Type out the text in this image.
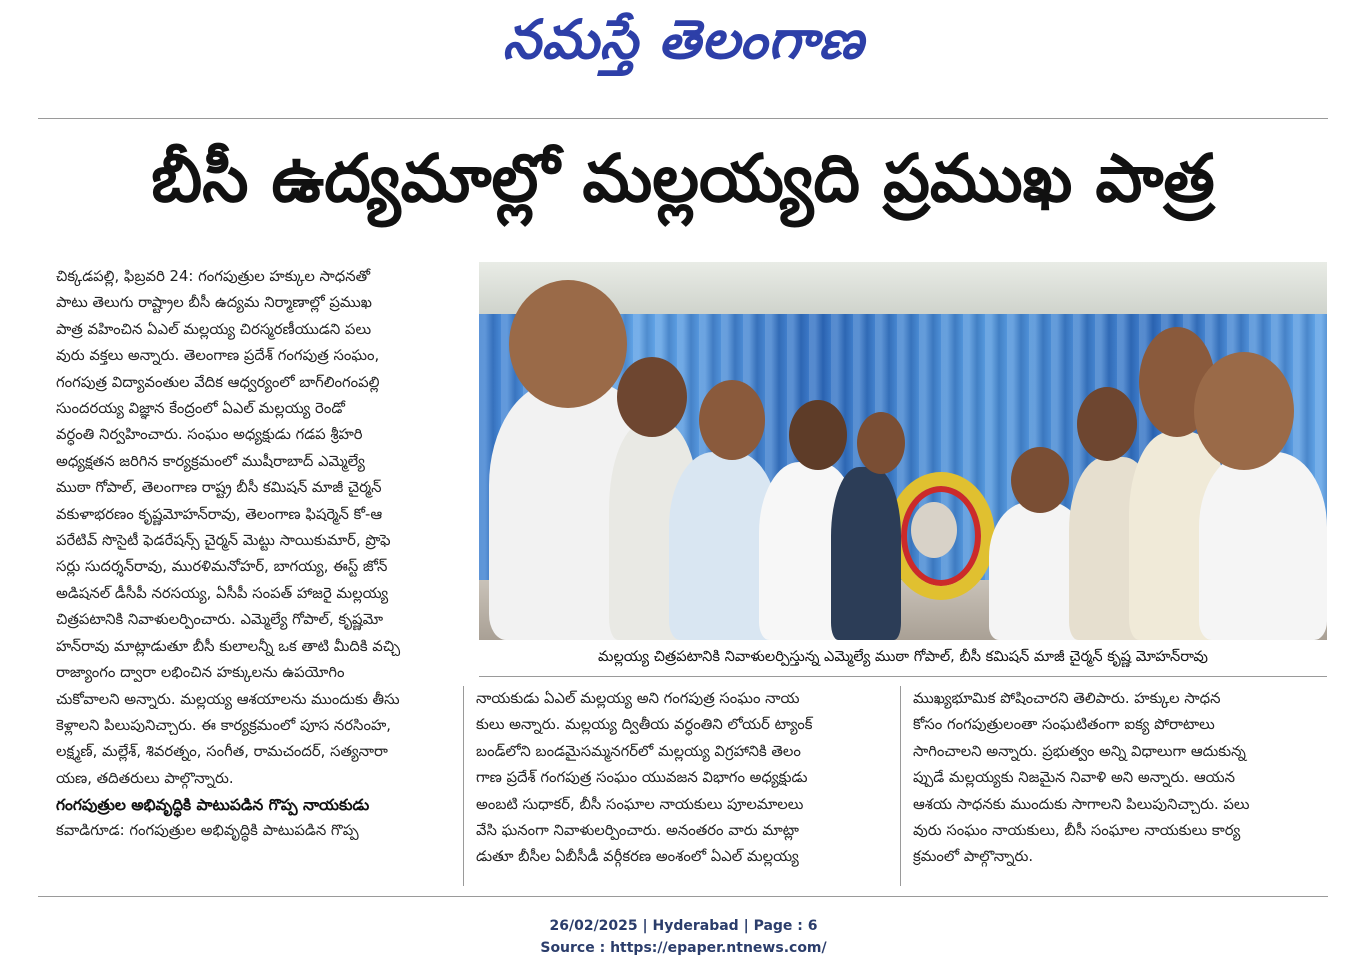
నమస్తే తెలంగాణ
బీసీ ఉద్యమాల్లో మల్లయ్యది ప్రముఖ పాత్ర

చిక్కడపల్లి, ఫిబ్రవరి 24: గంగపుత్రుల హక్కుల సాధనతో

పాటు తెలుగు రాష్ట్రాల బీసీ ఉద్యమ నిర్మాణాల్లో ప్రముఖ

పాత్ర వహించిన ఏఎల్ మల్లయ్య చిరస్మరణీయుడని పలు

వురు వక్తలు అన్నారు. తెలంగాణ ప్రదేశ్ గంగపుత్ర సంఘం,

గంగపుత్ర విద్యావంతుల వేదిక ఆధ్వర్యంలో బాగ్‌లింగంపల్లి

సుందరయ్య విజ్ఞాన కేంద్రంలో ఏఎల్ మల్లయ్య రెండో

వర్ధంతి నిర్వహించారు. సంఘం అధ్యక్షుడు గడప శ్రీహరి

అధ్యక్షతన జరిగిన కార్యక్రమంలో ముషీరాబాద్ ఎమ్మెల్యే

ముఠా గోపాల్, తెలంగాణ రాష్ట్ర బీసీ కమిషన్ మాజీ చైర్మన్

వకుళాభరణం కృష్ణమోహన్‌రావు, తెలంగాణ ఫిషర్మెన్ కో-ఆ

పరేటివ్ సొసైటీ ఫెడరేషన్స్ చైర్మన్ మెట్టు సాయికుమార్, ప్రొఫె

సర్లు సుదర్శన్‌రావు, మురళిమనోహర్, బాగయ్య, ఈస్ట్ జోన్

అడిషనల్ డీసీపీ నరసయ్య, ఏసీపీ సంపత్ హాజరై మల్లయ్య

చిత్రపటానికి నివాళులర్పించారు. ఎమ్మెల్యే గోపాల్, కృష్ణమో

హన్‌రావు మాట్లాడుతూ బీసీ కులాలన్నీ ఒక తాటి మీదికి వచ్చి

రాజ్యాంగం ద్వారా లభించిన హక్కులను ఉపయోగిం

చుకోవాలని అన్నారు. మల్లయ్య ఆశయాలను ముందుకు తీసు

కెళ్లాలని పిలుపునిచ్చారు. ఈ కార్యక్రమంలో పూస నరసింహ,

లక్ష్మణ్, మల్లేశ్, శివరత్నం, సంగీత, రామచందర్, సత్యనారా

యణ, తదితరులు పాల్గొన్నారు.

గంగపుత్రుల అభివృద్ధికి పాటుపడిన గొప్ప నాయకుడు

కవాడిగూడ: గంగపుత్రుల అభివృద్ధికి పాటుపడిన గొప్ప

మల్లయ్య చిత్రపటానికి నివాళులర్పిస్తున్న ఎమ్మెల్యే ముఠా గోపాల్, బీసీ కమిషన్ మాజీ చైర్మన్ కృష్ణ మోహన్‌రావు

నాయకుడు ఏఎల్ మల్లయ్య అని గంగపుత్ర సంఘం నాయ

కులు అన్నారు. మల్లయ్య ద్వితీయ వర్ధంతిని లోయర్ ట్యాంక్

బండ్‌లోని బండమైసమ్మనగర్‌లో మల్లయ్య విగ్రహానికి తెలం

గాణ ప్రదేశ్ గంగపుత్ర సంఘం యువజన విభాగం అధ్యక్షుడు

అంబటి సుధాకర్, బీసీ సంఘాల నాయకులు పూలమాలలు

వేసి ఘనంగా నివాళులర్పించారు. అనంతరం వారు మాట్లా

డుతూ బీసీల ఏబీసీడీ వర్గీకరణ అంశంలో ఏఎల్ మల్లయ్య

ముఖ్యభూమిక పోషించారని తెలిపారు. హక్కుల సాధన

కోసం గంగపుత్రులంతా సంఘటితంగా ఐక్య పోరాటాలు

సాగించాలని అన్నారు. ప్రభుత్వం అన్ని విధాలుగా ఆదుకున్న

ప్పుడే మల్లయ్యకు నిజమైన నివాళి అని అన్నారు. ఆయన

ఆశయ సాధనకు ముందుకు సాగాలని పిలుపునిచ్చారు. పలు

వురు సంఘం నాయకులు, బీసీ సంఘాల నాయకులు కార్య

క్రమంలో పాల్గొన్నారు.

26/02/2025 | Hyderabad | Page : 6
Source : https://epaper.ntnews.com/
